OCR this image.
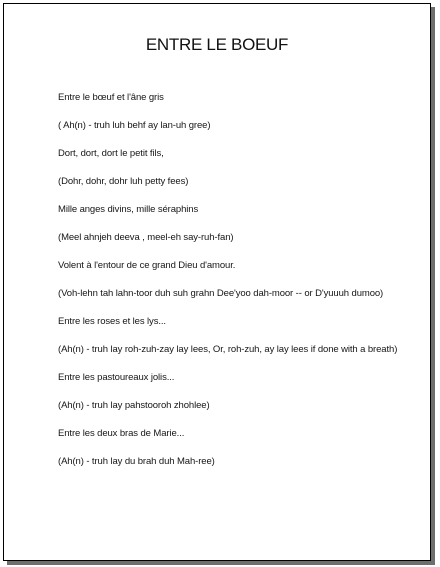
ENTRE LE BOEUF
Entre le bœuf et l'âne gris
( Ah(n) - truh luh behf ay lan-uh gree)
Dort, dort, dort le petit fils,
(Dohr, dohr, dohr luh petty fees)
Mille anges divins, mille séraphins
(Meel ahnjeh deeva , meel-eh say-ruh-fan)
Volent à l'entour de ce grand Dieu d'amour.
(Voh-lehn tah lahn-toor duh suh grahn Dee'yoo dah-moor -- or D'yuuuh dumoo)
Entre les roses et les lys...
(Ah(n) - truh lay roh-zuh-zay lay lees, Or, roh-zuh, ay lay lees if done with a breath)
Entre les pastoureaux jolis...
(Ah(n) - truh lay pahstooroh zhohlee)
Entre les deux bras de Marie...
(Ah(n) - truh lay du brah duh Mah-ree)
